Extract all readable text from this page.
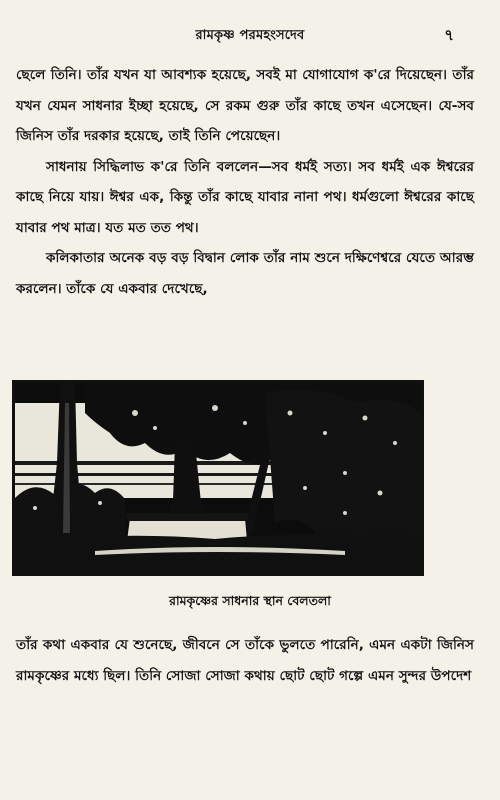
রামকৃষ্ণ পরমহংসদেব	৭

ছেলে তিনি। তাঁর যখন যা আবশ্যক হয়েছে, সবই মা যোগাযোগ ক'রে দিয়েছেন। তাঁর যখন যেমন সাধনার ইচ্ছা হয়েছে, সে রকম গুরু তাঁর কাছে তখন এসেছেন। যে-সব জিনিস তাঁর দরকার হয়েছে, তাই তিনি পেয়েছেন।

সাধনায় সিদ্ধিলাভ ক'রে তিনি বললেন—সব ধর্মই সত্য। সব ধর্মই এক ঈশ্বরের কাছে নিয়ে যায়। ঈশ্বর এক, কিন্তু তাঁর কাছে যাবার নানা পথ। ধর্মগুলো ঈশ্বরের কাছে যাবার পথ মাত্র। যত মত তত পথ।

কলিকাতার অনেক বড় বড় বিদ্বান লোক তাঁর নাম শুনে দক্ষিণেশ্বরে যেতে আরম্ভ করলেন। তাঁকে যে একবার দেখেছে,

রামকৃষ্ণের সাধনার স্থান বেলতলা

তাঁর কথা একবার যে শুনেছে, জীবনে সে তাঁকে ভুলতে পারেনি, এমন একটা জিনিস রামকৃষ্ণের মধ্যে ছিল। তিনি সোজা সোজা কথায় ছোট ছোট গল্পে এমন সুন্দর উপদেশ
